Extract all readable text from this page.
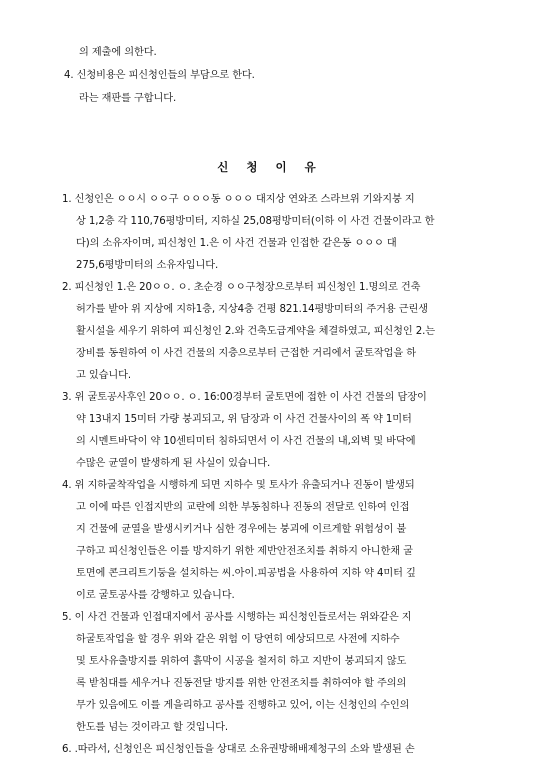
의 제출에 의한다.
4. 신청비용은 피신청인들의 부담으로 한다.
라는 재판를 구합니다.
신 청 이 유
1. 신청인은 ㅇㅇ시 ㅇㅇ구 ㅇㅇㅇ동 ㅇㅇㅇ 대지상 연와조 스라브위 기와지붕 지
상 1,2층 각 110,76평방미터, 지하실 25,08평방미터(이하 이 사건 건물이라고 한
다)의 소유자이며, 피신청인 1.은 이 사건 건물과 인접한 같은동 ㅇㅇㅇ 대
275,6평방미터의 소유자입니다.
2. 피신청인 1.은 20ㅇㅇ. ㅇ. 초순경 ㅇㅇ구청장으로부터 피신청인 1.명의로 건축
허가를 받아 위 지상에 지하1층, 지상4층 건평 821.14평방미터의 주거용 근린생
활시설을 세우기 위하여 피신청인 2.와 건축도급계약을 체결하였고, 피신청인 2.는
장비를 동원하여 이 사건 건물의 지층으로부터 근접한 거리에서 굴토작업을 하
고 있습니다.
3. 위 굴토공사후인 20ㅇㅇ. ㅇ. 16:00경부터 굴토면에 접한 이 사건 건물의 담장이
약 13내지 15미터 가량 붕괴되고, 위 담장과 이 사건 건물사이의 폭 약 1미터
의 시멘트바닥이 약 10센티미터 침하되면서 이 사건 건물의 내,외벽 및 바닥에
수많은 균열이 발생하게 된 사실이 있습니다.
4. 위 지하굴착작업을 시행하게 되면 지하수 및 토사가 유출되거나 진동이 발생되
고 이에 따른 인접지반의 교란에 의한 부동침하나 진동의 전달로 인하여 인접
지 건물에 균열을 발생시키거나 심한 경우에는 붕괴에 이르게할 위험성이 불
구하고 피신청인들은 이를 방지하기 위한 제반안전조치를 취하지 아니한채 굴
토면에 콘크리트기둥을 설치하는 씨.아이.피공법을 사용하여 지하 약 4미터 깊
이로 굴토공사를 강행하고 있습니다.
5. 이 사건 건물과 인접대지에서 공사를 시행하는 피신청인들로서는 위와같은 지
하굴토작업을 할 경우 위와 같은 위험 이 당연히 예상되므로 사전에 지하수
및 토사유출방지를 위하여 흙막이 시공을 철저히 하고 지반이 붕괴되지 않도
록 받침대를 세우거나 진동전달 방지를 위한 안전조치를 취하여야 할 주의의
무가 있음에도 이를 게을리하고 공사를 진행하고 있어, 이는 신청인의 수인의
한도를 넘는 것이라고 할 것입니다.
6. .따라서, 신청인은 피신청인들을 상대로 소유권방해배제청구의 소와 발생된 손
